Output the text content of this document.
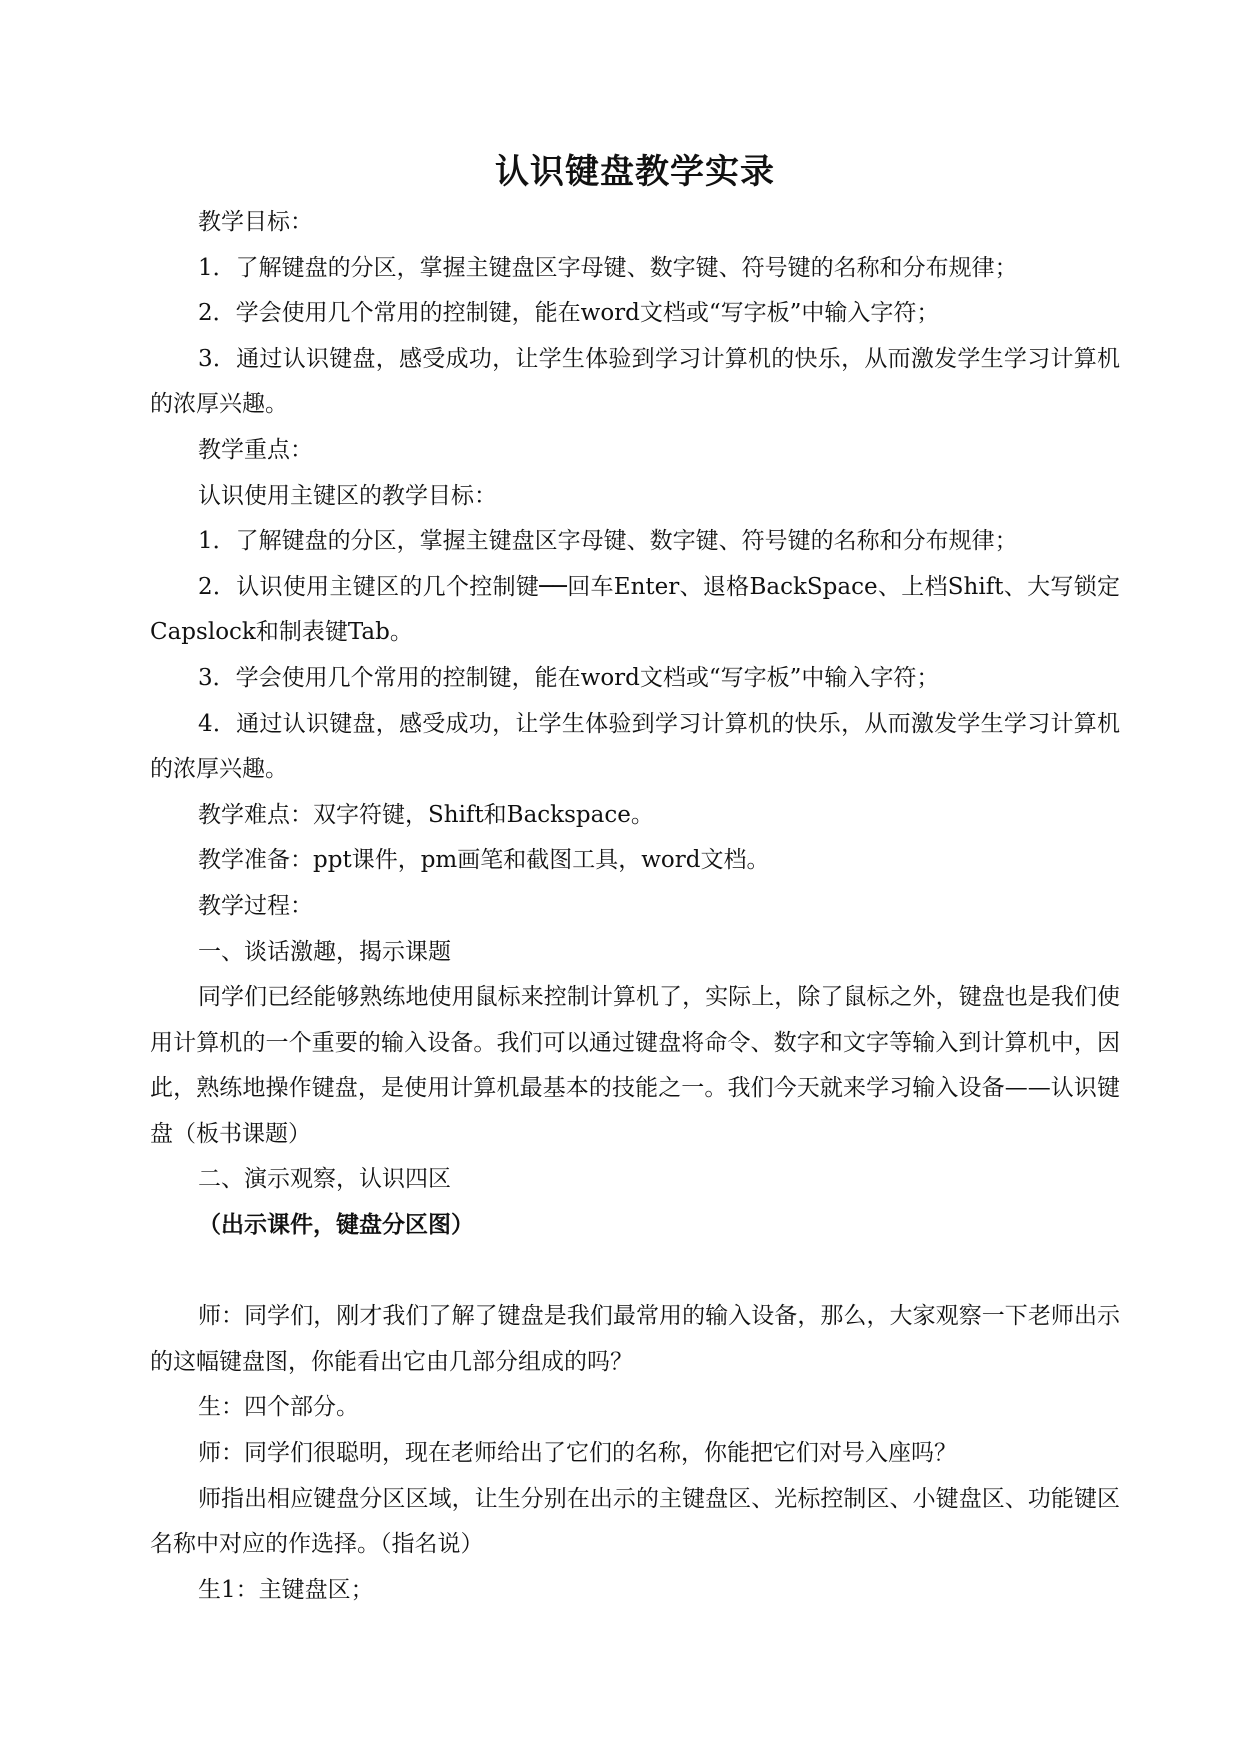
认识键盘教学实录

教学目标：

1．了解键盘的分区，掌握主键盘区字母键、数字键、符号键的名称和分布规律；

2．学会使用几个常用的控制键，能在word文档或“写字板”中输入字符；

3．通过认识键盘，感受成功，让学生体验到学习计算机的快乐，从而激发学生学习计算机的浓厚兴趣。

教学重点：

认识使用主键区的教学目标：

1．了解键盘的分区，掌握主键盘区字母键、数字键、符号键的名称和分布规律；

2．认识使用主键区的几个控制键──回车Enter、退格BackSpace、上档Shift、大写锁定Capslock和制表键Tab。

3．学会使用几个常用的控制键，能在word文档或“写字板”中输入字符；

4．通过认识键盘，感受成功，让学生体验到学习计算机的快乐，从而激发学生学习计算机的浓厚兴趣。

教学难点：双字符键，Shift和Backspace。

教学准备：ppt课件，pm画笔和截图工具，word文档。

教学过程：

一、谈话激趣，揭示课题

同学们已经能够熟练地使用鼠标来控制计算机了，实际上，除了鼠标之外，键盘也是我们使用计算机的一个重要的输入设备。我们可以通过键盘将命令、数字和文字等输入到计算机中，因此，熟练地操作键盘，是使用计算机最基本的技能之一。我们今天就来学习输入设备——认识键盘（板书课题）

二、演示观察，认识四区

（出示课件，键盘分区图）

师：同学们，刚才我们了解了键盘是我们最常用的输入设备，那么，大家观察一下老师出示的这幅键盘图，你能看出它由几部分组成的吗？

生：四个部分。

师：同学们很聪明，现在老师给出了它们的名称，你能把它们对号入座吗？

师指出相应键盘分区区域，让生分别在出示的主键盘区、光标控制区、小键盘区、功能键区名称中对应的作选择。（指名说）

生1：主键盘区；
